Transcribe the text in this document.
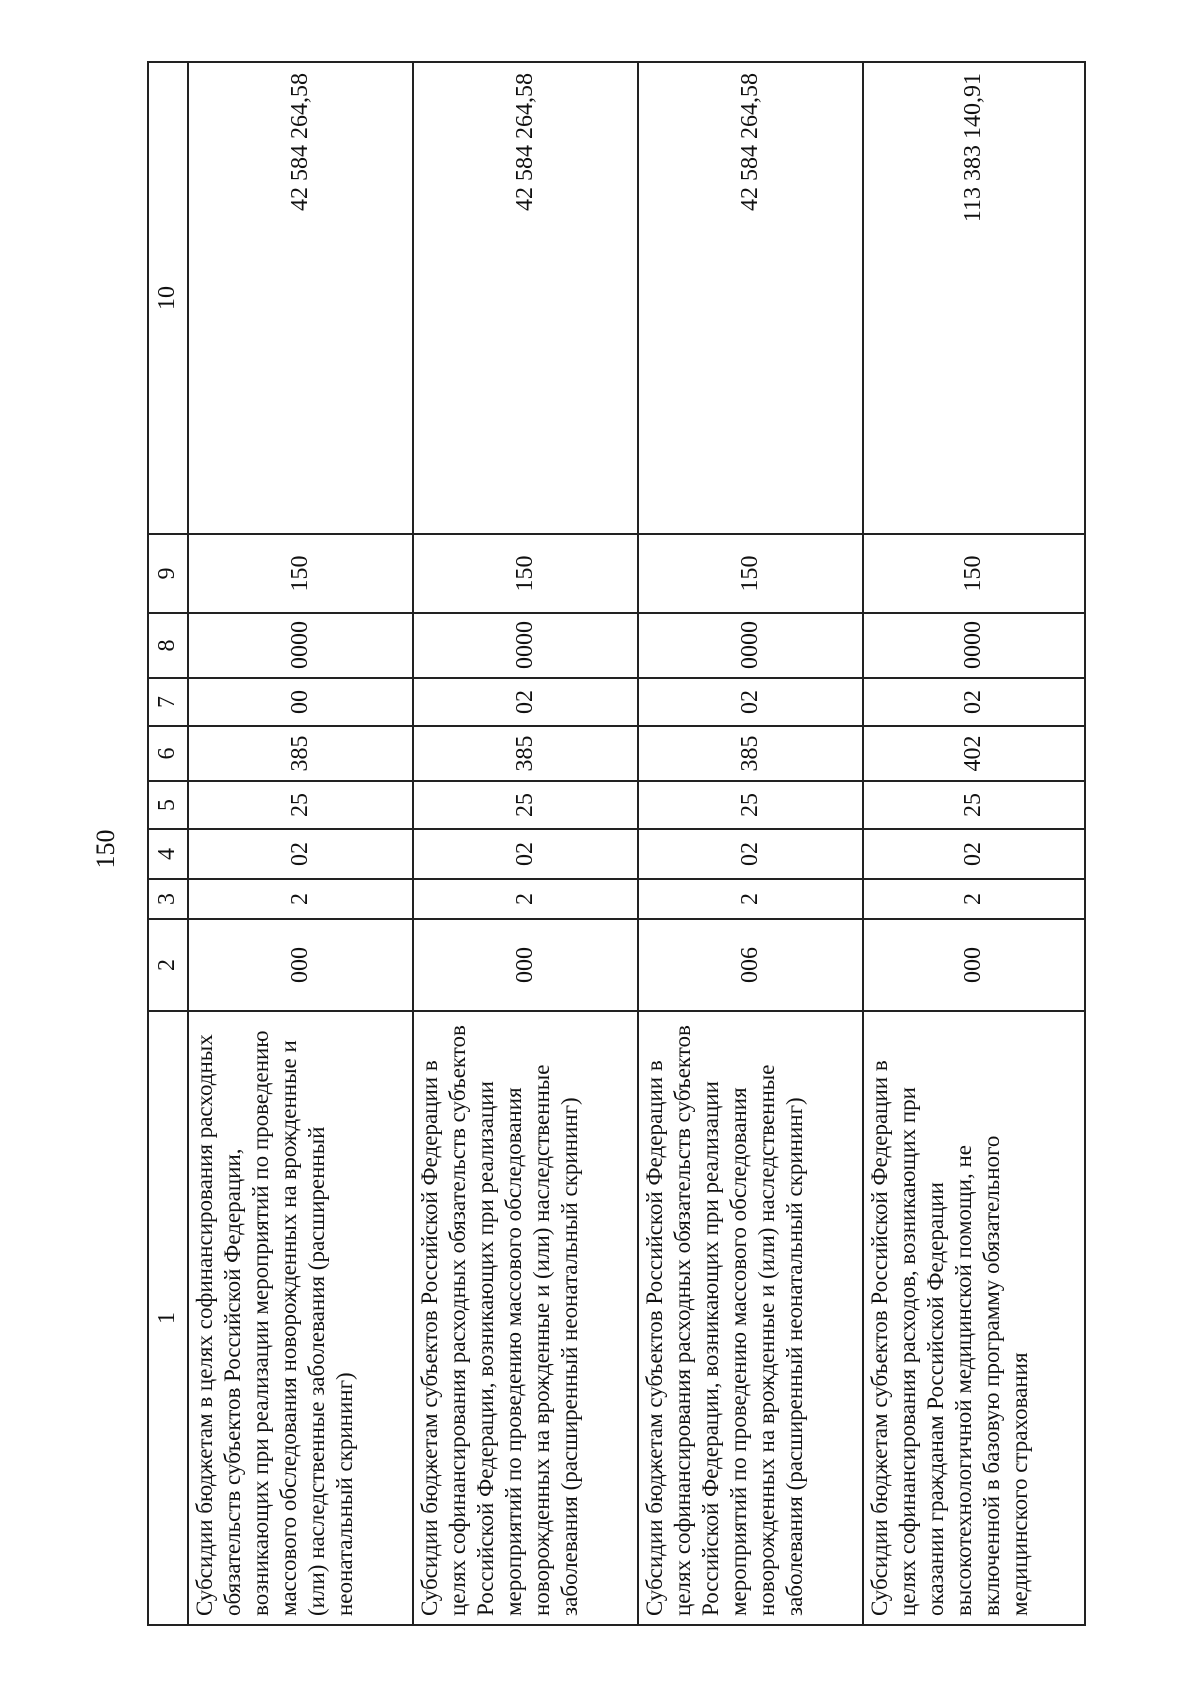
150
1	2	3	4	5	6	7	8	9	10
Субсидии бюджетам в целях софинансирования расходных обязательств субъектов Российской Федерации, возникающих при реализации мероприятий по проведению массового обследования новорожденных на врожденные и (или) наследственные заболевания (расширенный неонатальный скрининг)	000	2	02	25	385	00	0000	150	42 584 264,58
Субсидии бюджетам субъектов Российской Федерации в целях софинансирования расходных обязательств субъектов Российской Федерации, возникающих при реализации мероприятий по проведению массового обследования новорожденных на врожденные и (или) наследственные заболевания (расширенный неонатальный скрининг)	000	2	02	25	385	02	0000	150	42 584 264,58
Субсидии бюджетам субъектов Российской Федерации в целях софинансирования расходных обязательств субъектов Российской Федерации, возникающих при реализации мероприятий по проведению массового обследования новорожденных на врожденные и (или) наследственные заболевания (расширенный неонатальный скрининг)	006	2	02	25	385	02	0000	150	42 584 264,58
Субсидии бюджетам субъектов Российской Федерации в целях софинансирования расходов, возникающих при оказании гражданам Российской Федерации высокотехнологичной медицинской помощи, не включенной в базовую программу обязательного медицинского страхования	000	2	02	25	402	02	0000	150	113 383 140,91
